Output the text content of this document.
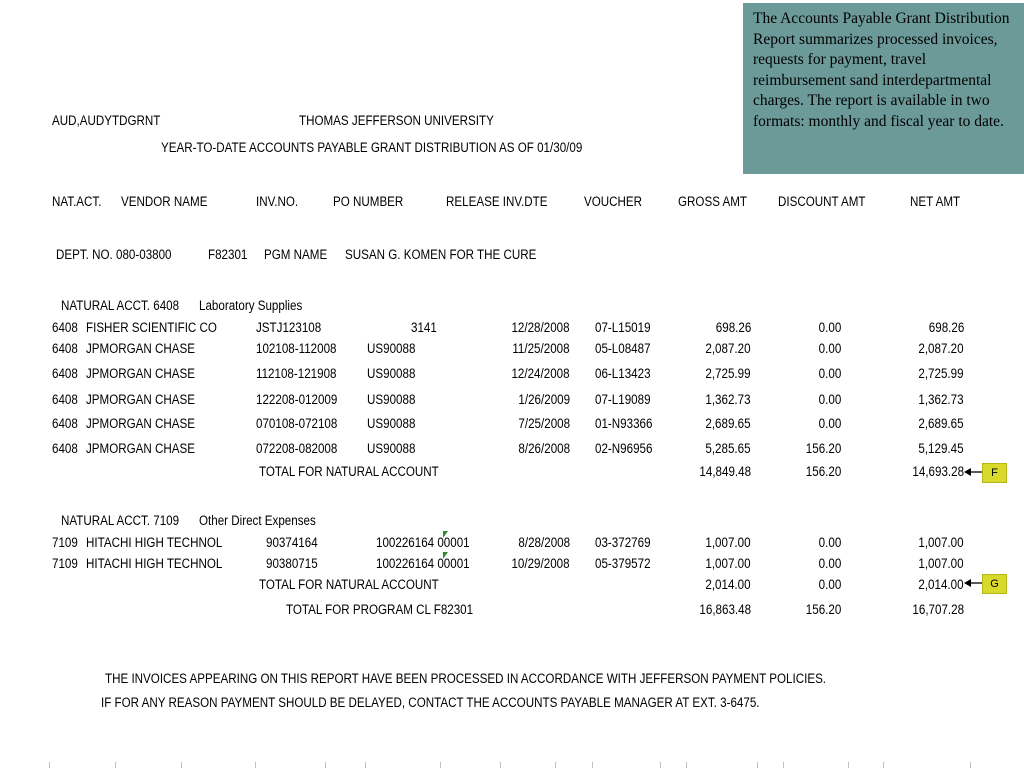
The Accounts Payable Grant Distribution Report summarizes processed invoices, requests for payment, travel reimbursement sand interdepartmental charges. The report is available in two formats: monthly and fiscal year to date.
AUD,AUDYTDGRNT	THOMAS JEFFERSON UNIVERSITY
YEAR-TO-DATE ACCOUNTS PAYABLE GRANT DISTRIBUTION AS OF 01/30/09
NAT.ACT. VENDOR NAME	INV.NO.	PO NUMBER	RELEASE INV.DTE	VOUCHER	GROSS AMT DISCOUNT AMT	NET AMT
DEPT. NO. 080-03800	F82301 PGM NAME SUSAN G. KOMEN FOR THE CURE
NATURAL ACCT. 6408 Laboratory Supplies
6408 FISHER SCIENTIFIC CO	JSTJ123108	3141	12/28/2008 07-L15019	698.26	0.00	698.26
6408 JPMORGAN CHASE	102108-112008 US90088	11/25/2008 05-L08487	2,087.20	0.00	2,087.20
6408 JPMORGAN CHASE	112108-121908 US90088	12/24/2008 06-L13423	2,725.99	0.00	2,725.99
6408 JPMORGAN CHASE	122208-012009 US90088	1/26/2009 07-L19089	1,362.73	0.00	1,362.73
6408 JPMORGAN CHASE	070108-072108 US90088	7/25/2008 01-N93366	2,689.65	0.00	2,689.65
6408 JPMORGAN CHASE	072208-082008 US90088	8/26/2008 02-N96956	5,285.65	156.20	5,129.45
TOTAL FOR NATURAL ACCOUNT	14,849.48	156.20	14,693.28	F
NATURAL ACCT. 7109 Other Direct Expenses
7109 HITACHI HIGH TECHNOL	90374164	100226164 00001	8/28/2008 03-372769	1,007.00	0.00	1,007.00
7109 HITACHI HIGH TECHNOL	90380715	100226164 00001	10/29/2008 05-379572	1,007.00	0.00	1,007.00
TOTAL FOR NATURAL ACCOUNT	2,014.00	0.00	2,014.00	G
TOTAL FOR PROGRAM CL F82301	16,863.48	156.20	16,707.28
THE INVOICES APPEARING ON THIS REPORT HAVE BEEN PROCESSED IN ACCORDANCE WITH JEFFERSON PAYMENT POLICIES.
IF FOR ANY REASON PAYMENT SHOULD BE DELAYED, CONTACT THE ACCOUNTS PAYABLE MANAGER AT EXT. 3-6475.
